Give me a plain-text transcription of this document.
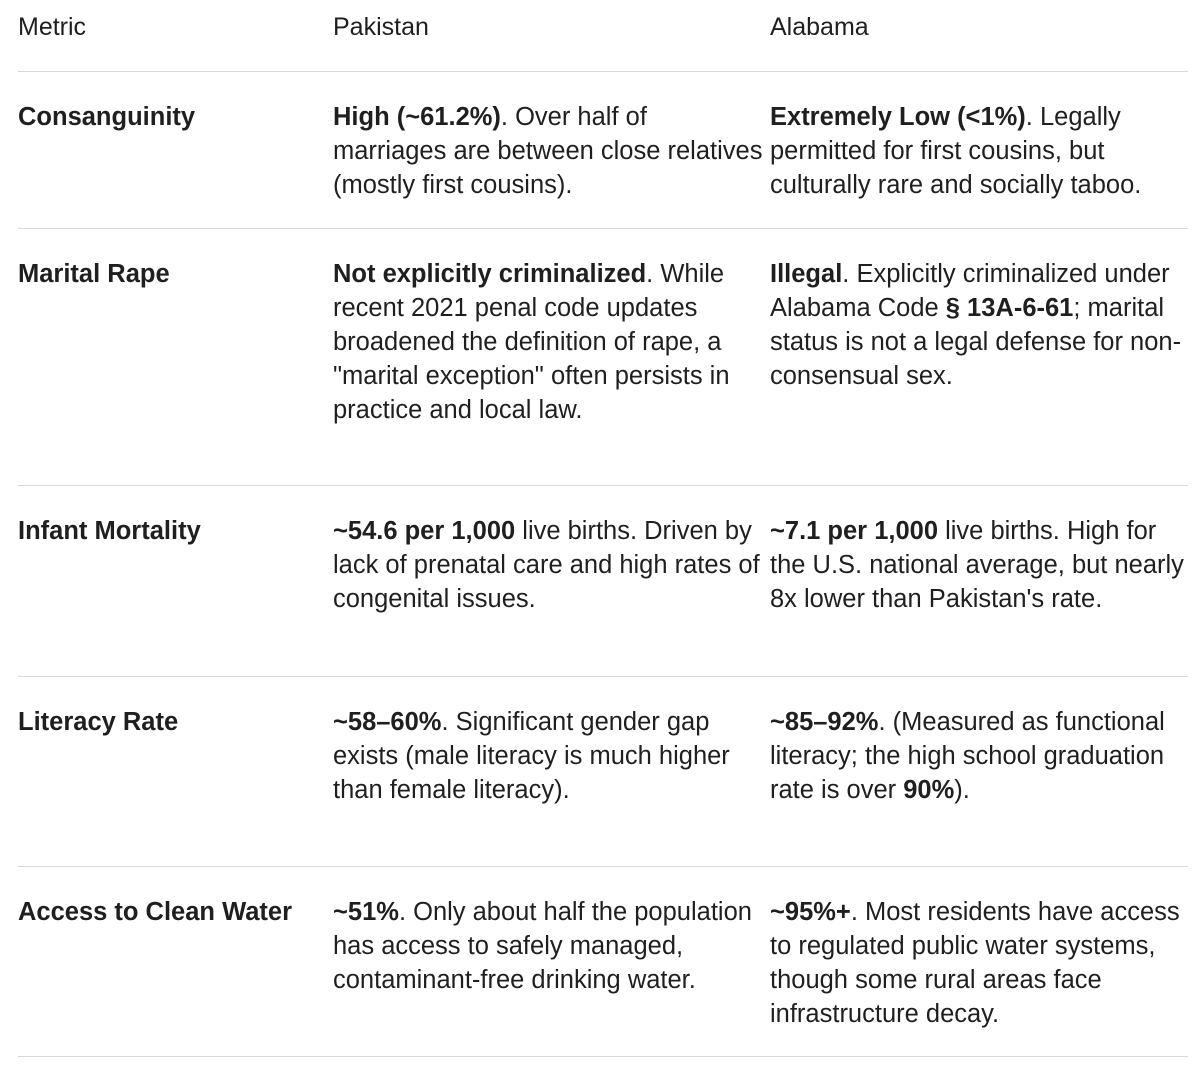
Metric	Pakistan	Alabama
Consanguinity	High (~61.2%). Over half of marriages are between close relatives (mostly first cousins).	Extremely Low (<1%). Legally permitted for first cousins, but culturally rare and socially taboo.
Marital Rape	Not explicitly criminalized. While recent 2021 penal code updates broadened the definition of rape, a "marital exception" often persists in practice and local law.	Illegal. Explicitly criminalized under Alabama Code § 13A-6-61; marital status is not a legal defense for non-consensual sex.
Infant Mortality	~54.6 per 1,000 live births. Driven by lack of prenatal care and high rates of congenital issues.	~7.1 per 1,000 live births. High for the U.S. national average, but nearly 8x lower than Pakistan's rate.
Literacy Rate	~58–60%. Significant gender gap exists (male literacy is much higher than female literacy).	~85–92%. (Measured as functional literacy; the high school graduation rate is over 90%).
Access to Clean Water	~51%. Only about half the population has access to safely managed, contaminant-free drinking water.	~95%+. Most residents have access to regulated public water systems, though some rural areas face infrastructure decay.
